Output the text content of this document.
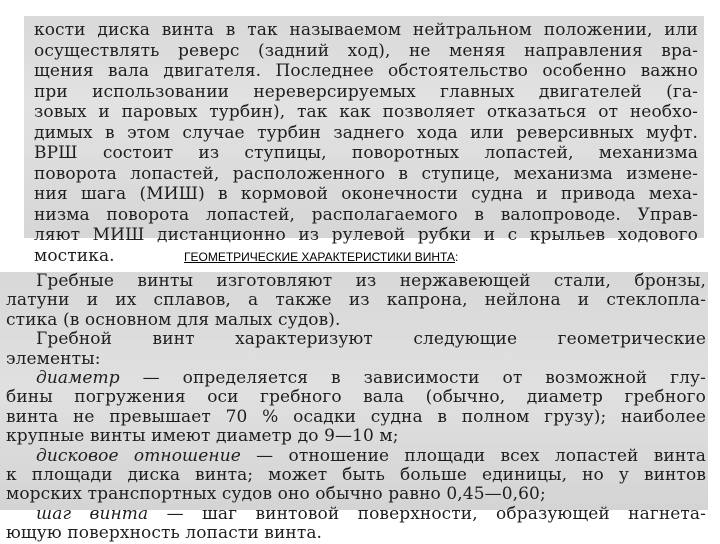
кости диска винта в так называемом нейтральном положении, или
осуществлять реверс (задний ход), не меняя направления вра-
щения вала двигателя. Последнее обстоятельство особенно важно
при использовании нереверсируемых главных двигателей (га-
зовых и паровых турбин), так как позволяет отказаться от необхо-
димых в этом случае турбин заднего хода или реверсивных муфт.
ВРШ состоит из ступицы, поворотных лопастей, механизма
поворота лопастей, расположенного в ступице, механизма измене-
ния шага (МИШ) в кормовой оконечности судна и привода меха-
низма поворота лопастей, располагаемого в валопроводе. Управ-
ляют МИШ дистанционно из рулевой рубки и с крыльев ходового
мостика.	ГЕОМЕТРИЧЕСКИЕ ХАРАКТЕРИСТИКИ ВИНТА:
Гребные винты изготовляют из нержавеющей стали, бронзы,
латуни и их сплавов, а также из капрона, нейлона и стеклопла-
стика (в основном для малых судов).
Гребной винт характеризуют следующие геометрические
элементы:
диаметр — определяется в зависимости от возможной глу-
бины погружения оси гребного вала (обычно, диаметр гребного
винта не превышает 70 % осадки судна в полном грузу); наиболее
крупные винты имеют диаметр до 9—10 м;
дисковое отношение — отношение площади всех лопастей винта
к площади диска винта; может быть больше единицы, но у винтов
морских транспортных судов оно обычно равно 0,45—0,60;
шаг винта — шаг винтовой поверхности, образующей нагнета-
ющую поверхность лопасти винта.
